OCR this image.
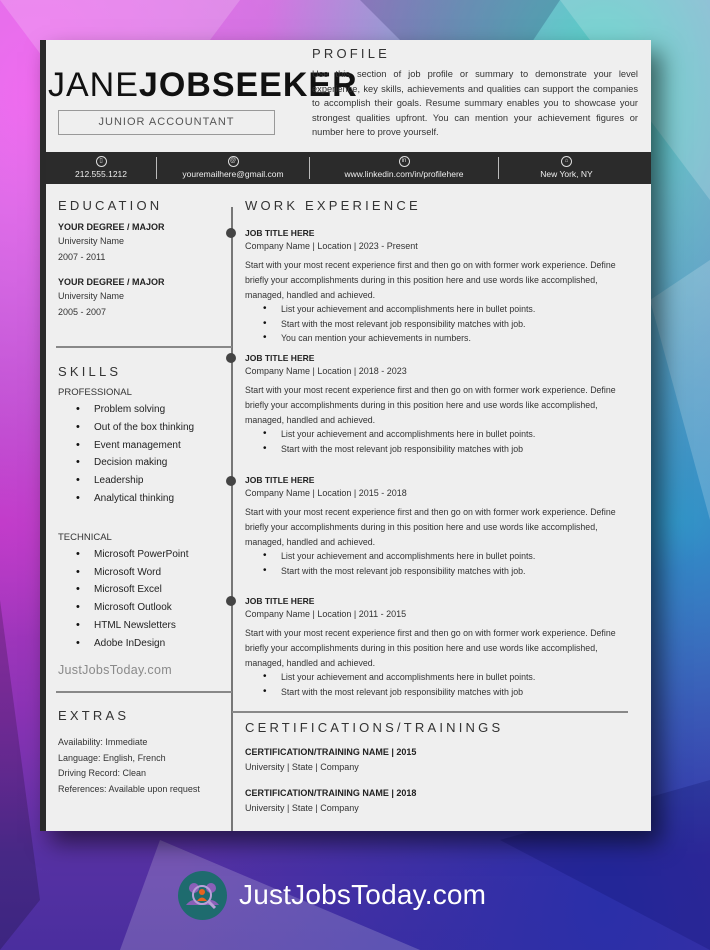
JANEJOBSEEKER
JUNIOR ACCOUNTANT
PROFILE

Use this section of job profile or summary to demonstrate your level experience, key skills, achievements and qualities can support the companies to accomplish their goals. Resume summary enables you to showcase your strongest qualities upfront. You can mention your achievement figures or number here to prove yourself.

▯
212.555.1212
@
youremailhere@gmail.com
in
www.linkedin.com/in/profilehere
⌂
New York, NY
EDUCATION
YOUR DEGREE / MAJOR
University Name
2007 - 2011
YOUR DEGREE / MAJOR
University Name
2005 - 2007
SKILLS
PROFESSIONAL
• Problem solving
• Out of the box thinking
• Event management
• Decision making
• Leadership
• Analytical thinking
TECHNICAL
• Microsoft PowerPoint
• Microsoft Word
• Microsoft Excel
• Microsoft Outlook
• HTML Newsletters
• Adobe InDesign
JustJobsToday.com
EXTRAS
Availability: Immediate
Language: English, French
Driving Record: Clean
References: Available upon request
WORK EXPERIENCE
JOB TITLE HERE
Company Name | Location | 2023 - Present
Start with your most recent experience first and then go on with former work experience. Define briefly your accomplishments during in this position here and use words like accomplished, managed, handled and achieved.
• List your achievement and accomplishments here in bullet points.
• Start with the most relevant job responsibility matches with job.
• You can mention your achievements in numbers.
JOB TITLE HERE
Company Name | Location | 2018 - 2023
Start with your most recent experience first and then go on with former work experience. Define briefly your accomplishments during in this position here and use words like accomplished, managed, handled and achieved.
• List your achievement and accomplishments here in bullet points.
• Start with the most relevant job responsibility matches with job
JOB TITLE HERE
Company Name | Location | 2015 - 2018
Start with your most recent experience first and then go on with former work experience. Define briefly your accomplishments during in this position here and use words like accomplished, managed, handled and achieved.
• List your achievement and accomplishments here in bullet points.
• Start with the most relevant job responsibility matches with job.
JOB TITLE HERE
Company Name | Location | 2011 - 2015
Start with your most recent experience first and then go on with former work experience. Define briefly your accomplishments during in this position here and use words like accomplished, managed, handled and achieved.
• List your achievement and accomplishments here in bullet points.
• Start with the most relevant job responsibility matches with job
CERTIFICATIONS/TRAININGS
CERTIFICATION/TRAINING NAME | 2015
University | State | Company
CERTIFICATION/TRAINING NAME | 2018
University | State | Company
JustJobsToday.com
